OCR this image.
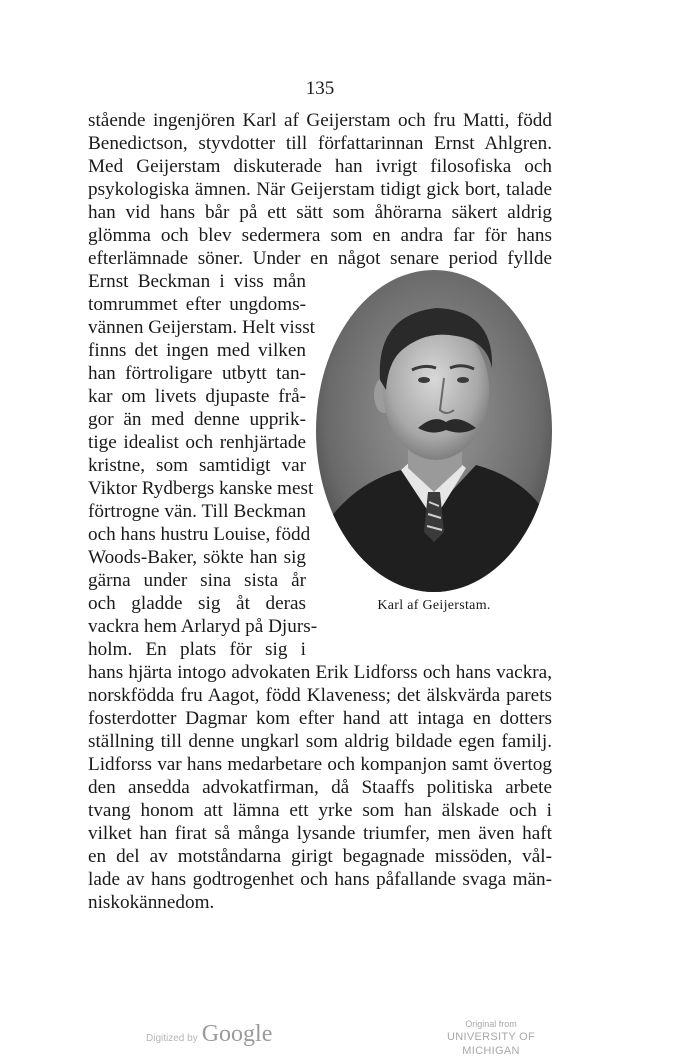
135
stående ingenjören Karl af Geijerstam och fru Matti, född
Benedictson, styvdotter till författarinnan Ernst Ahlgren.
Med Geijerstam diskuterade han ivrigt filosofiska och
psykologiska ämnen. När Geijerstam tidigt gick bort, talade
han vid hans bår på ett sätt som åhörarna säkert aldrig
glömma och blev sedermera som en andra far för hans
efterlämnade söner. Under en något senare period fyllde
Ernst Beckman i viss mån
tomrummet efter ungdoms-
vännen Geijerstam. Helt visst
finns det ingen med vilken
han förtroligare utbytt tan-
kar om livets djupaste frå-
gor än med denne upprik-
tige idealist och renhjärtade
kristne, som samtidigt var
Viktor Rydbergs kanske mest
förtrogne vän. Till Beckman
och hans hustru Louise, född
Woods-Baker, sökte han sig
gärna under sina sista år
och gladde sig åt deras
vackra hem Arlaryd på Djurs-
holm. En plats för sig i
hans hjärta intogo advokaten Erik Lidforss och hans vackra,
norskfödda fru Aagot, född Klaveness; det älskvärda parets
fosterdotter Dagmar kom efter hand att intaga en dotters
ställning till denne ungkarl som aldrig bildade egen familj.
Lidforss var hans medarbetare och kompanjon samt övertog
den ansedda advokatfirman, då Staaffs politiska arbete
tvang honom att lämna ett yrke som han älskade och i
vilket han firat så många lysande triumfer, men även haft
en del av motståndarna girigt begagnade missöden, vål-
lade av hans godtrogenhet och hans påfallande svaga män-
niskokännedom.
Karl af Geijerstam.
Digitized by Google	Original from
UNIVERSITY OF MICHIGAN
